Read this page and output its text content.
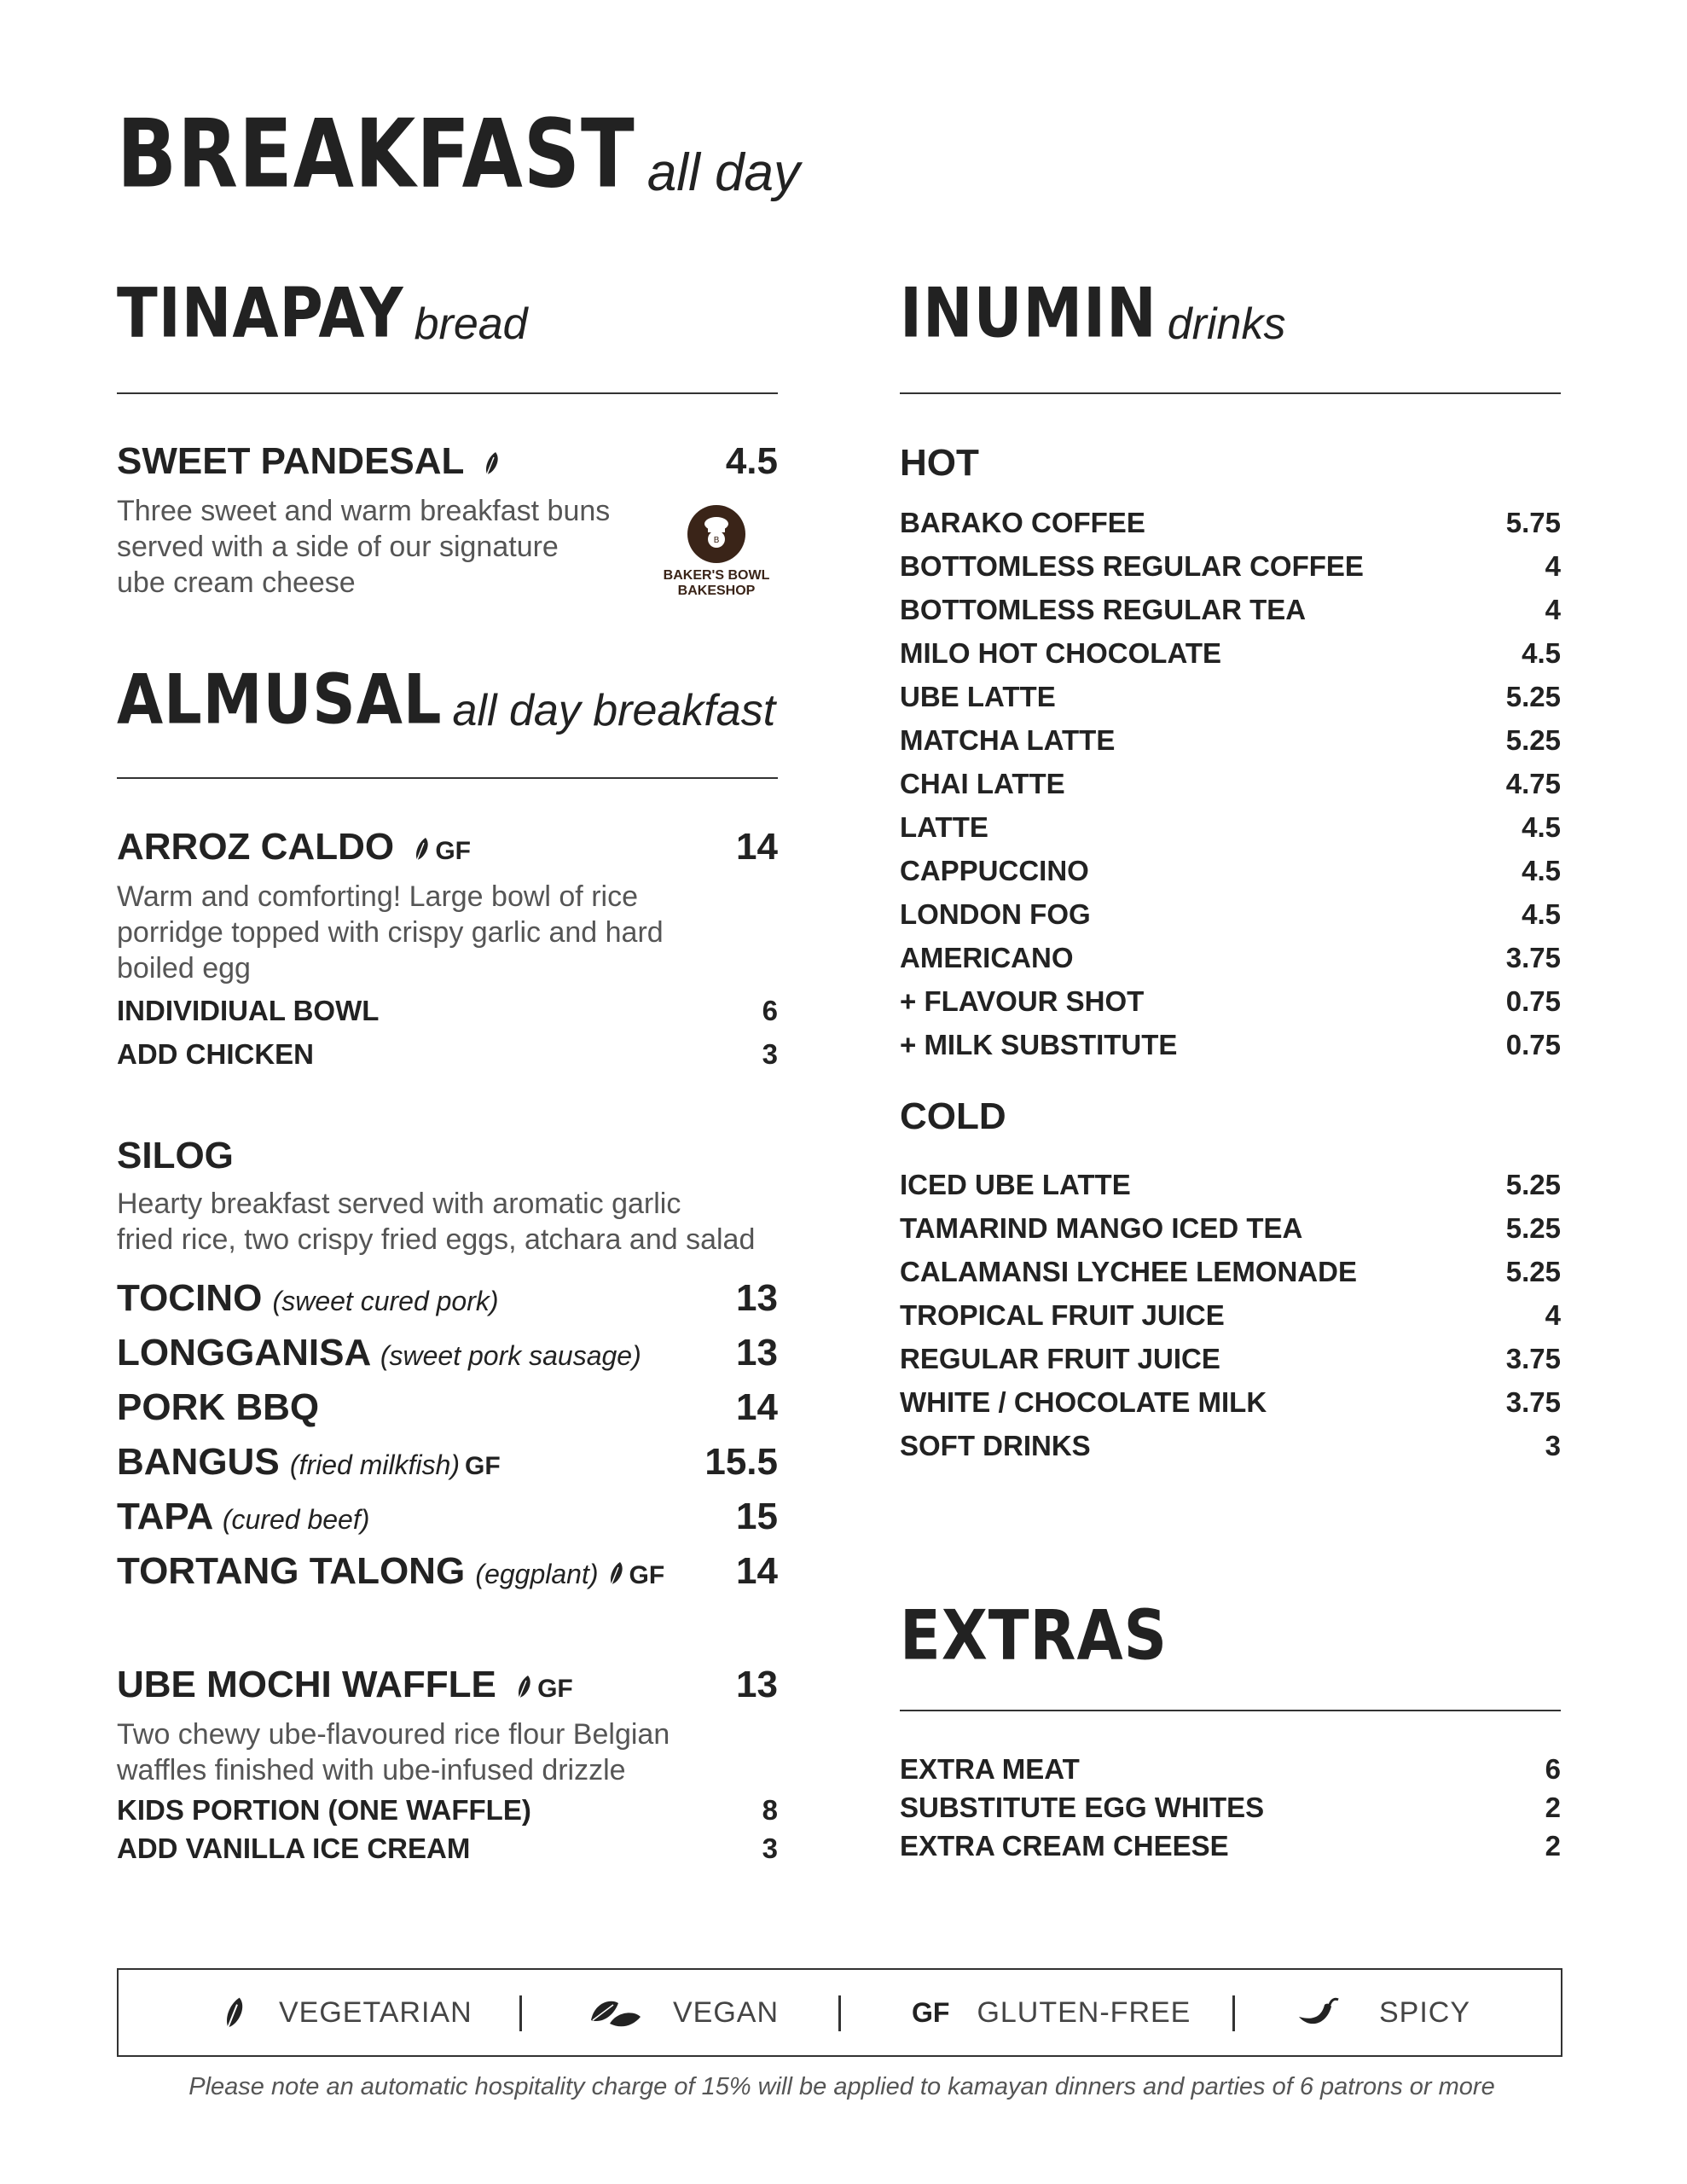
BREAKFAST all day
TINAPAY bread
SWEET PANDESAL	4.5
Three sweet and warm breakfast buns
served with a side of our signature
ube cream cheese
B
BAKER'S BOWL
BAKESHOP
ALMUSAL all day breakfast
ARROZ CALDO GF	14
Warm and comforting! Large bowl of rice
porridge topped with crispy garlic and hard
boiled egg
INDIVIDIUAL BOWL	6
ADD CHICKEN	3
SILOG
Hearty breakfast served with aromatic garlic
fried rice, two crispy fried eggs, atchara and salad
TOCINO (sweet cured pork)	13
LONGGANISA (sweet pork sausage)	13
PORK BBQ	14
BANGUS (fried milkfish) GF	15.5
TAPA (cured beef)	15
TORTANG TALONG (eggplant) GF 14
UBE MOCHI WAFFLE GF	13
Two chewy ube-flavoured rice flour Belgian
waffles finished with ube-infused drizzle
KIDS PORTION (ONE WAFFLE)	8
ADD VANILLA ICE CREAM	3
INUMIN drinks
HOT
BARAKO COFFEE	5.75
BOTTOMLESS REGULAR COFFEE	4
BOTTOMLESS REGULAR TEA	4
MILO HOT CHOCOLATE	4.5
UBE LATTE	5.25
MATCHA LATTE	5.25
CHAI LATTE	4.75
LATTE	4.5
CAPPUCCINO	4.5
LONDON FOG	4.5
AMERICANO	3.75
+ FLAVOUR SHOT	0.75
+ MILK SUBSTITUTE	0.75
COLD
ICED UBE LATTE	5.25
TAMARIND MANGO ICED TEA	5.25
CALAMANSI LYCHEE LEMONADE	5.25
TROPICAL FRUIT JUICE	4
REGULAR FRUIT JUICE	3.75
WHITE / CHOCOLATE MILK	3.75
SOFT DRINKS	3
EXTRAS
EXTRA MEAT	6
SUBSTITUTE EGG WHITES	2
EXTRA CREAM CHEESE	2
VEGETARIAN	VEGAN	GF GLUTEN-FREE	SPICY
Please note an automatic hospitality charge of 15% will be applied to kamayan dinners and parties of 6 patrons or more
